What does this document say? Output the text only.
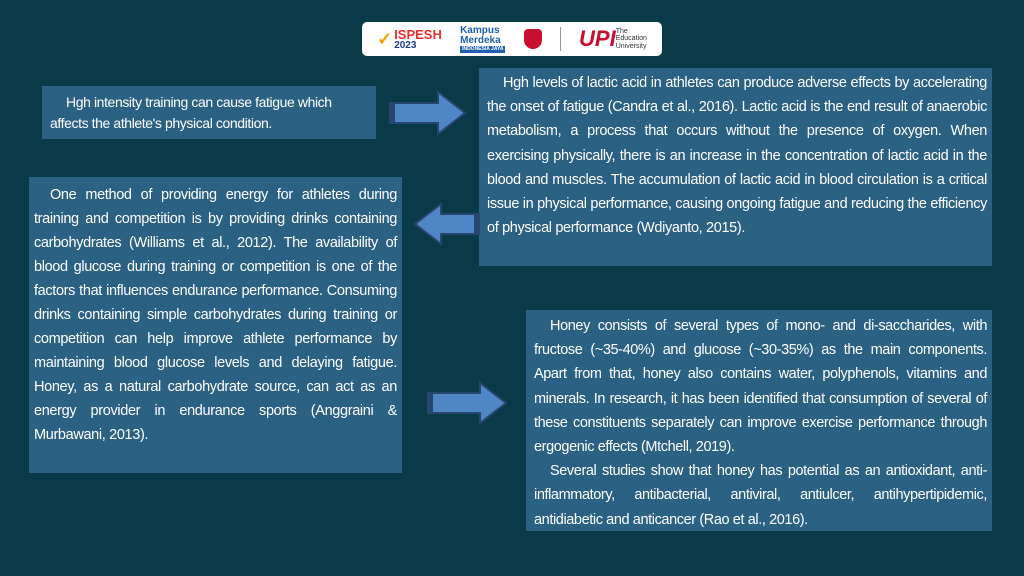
✓ ISPESH
2023
Kampus
Merdeka
INDONESIA JAYA	UPI The
Education
University

Hgh intensity training can cause fatigue which affects the athlete's physical condition.

Hgh levels of lactic acid in athletes can produce adverse effects by accelerating the onset of fatigue (Candra et al., 2016). Lactic acid is the end result of anaerobic metabolism, a process that occurs without the presence of oxygen. When exercising physically, there is an increase in the concentration of lactic acid in the blood and muscles. The accumulation of lactic acid in blood circulation is a critical issue in physical performance, causing ongoing fatigue and reducing the efficiency of physical performance (Wdiyanto, 2015).

One method of providing energy for athletes during training and competition is by providing drinks containing carbohydrates (Williams et al., 2012). The availability of blood glucose during training or competition is one of the factors that influences endurance performance. Consuming drinks containing simple carbohydrates during training or competition can help improve athlete performance by maintaining blood glucose levels and delaying fatigue. Honey, as a natural carbohydrate source, can act as an energy provider in endurance sports (Anggraini & Murbawani, 2013).

Honey consists of several types of mono- and di-saccharides, with fructose (~35-40%) and glucose (~30-35%) as the main components. Apart from that, honey also contains water, polyphenols, vitamins and minerals. In research, it has been identified that consumption of several of these constituents separately can improve exercise performance through ergogenic effects (Mtchell, 2019).

Several studies show that honey has potential as an antioxidant, anti-inflammatory, antibacterial, antiviral, antiulcer, antihypertipidemic, antidiabetic and anticancer (Rao et al., 2016).
